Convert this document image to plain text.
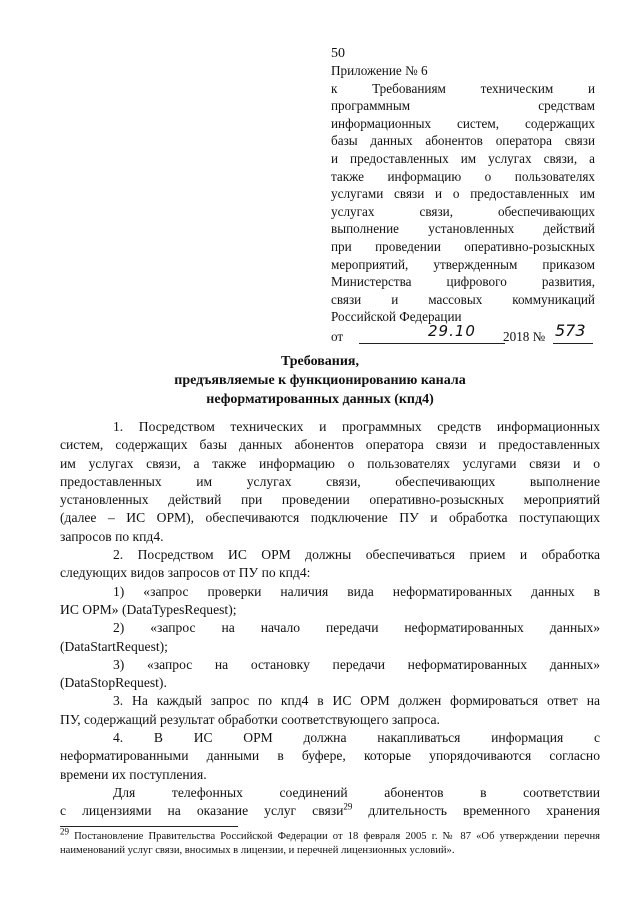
50
Приложение № 6
к Требованиям техническим и
программным средствам
информационных систем, содержащих
базы данных абонентов оператора связи
и предоставленных им услугах связи, а
также информацию о пользователях
услугами связи и о предоставленных им
услугах связи, обеспечивающих
выполнение установленных действий
при проведении оперативно-розыскных
мероприятий, утвержденным приказом
Министерства цифрового развития,
связи и массовых коммуникаций
Российской Федерации
от	29.10 2018 № 573
Требования,
предъявляемые к функционированию канала
неформатированных данных (кпд4)
1. Посредством технических и программных средств информационных
систем, содержащих базы данных абонентов оператора связи и предоставленных
им услугах связи, а также информацию о пользователях услугами связи и о
предоставленных им услугах связи, обеспечивающих выполнение
установленных действий при проведении оперативно-розыскных мероприятий
(далее – ИС ОРМ), обеспечиваются подключение ПУ и обработка поступающих
запросов по кпд4.
2. Посредством ИС ОРМ должны обеспечиваться прием и обработка
следующих видов запросов от ПУ по кпд4:
1) «запрос проверки наличия вида неформатированных данных в
ИС ОРМ» (DataTypesRequest);
2) «запрос на начало передачи неформатированных данных»
(DataStartRequest);
3) «запрос на остановку передачи неформатированных данных»
(DataStopRequest).
3. На каждый запрос по кпд4 в ИС ОРМ должен формироваться ответ на
ПУ, содержащий результат обработки соответствующего запроса.
4. В ИС ОРМ должна накапливаться информация с
неформатированными данными в буфере, которые упорядочиваются согласно
времени их поступления.
Для телефонных соединений абонентов в соответствии
с лицензиями на оказание услуг связи$^{29}$ длительность временного хранения
$^{29}$ Постановление Правительства Российской Федерации от 18 февраля 2005 г. № 87 «Об утверждении перечня
наименований услуг связи, вносимых в лицензии, и перечней лицензионных условий».
